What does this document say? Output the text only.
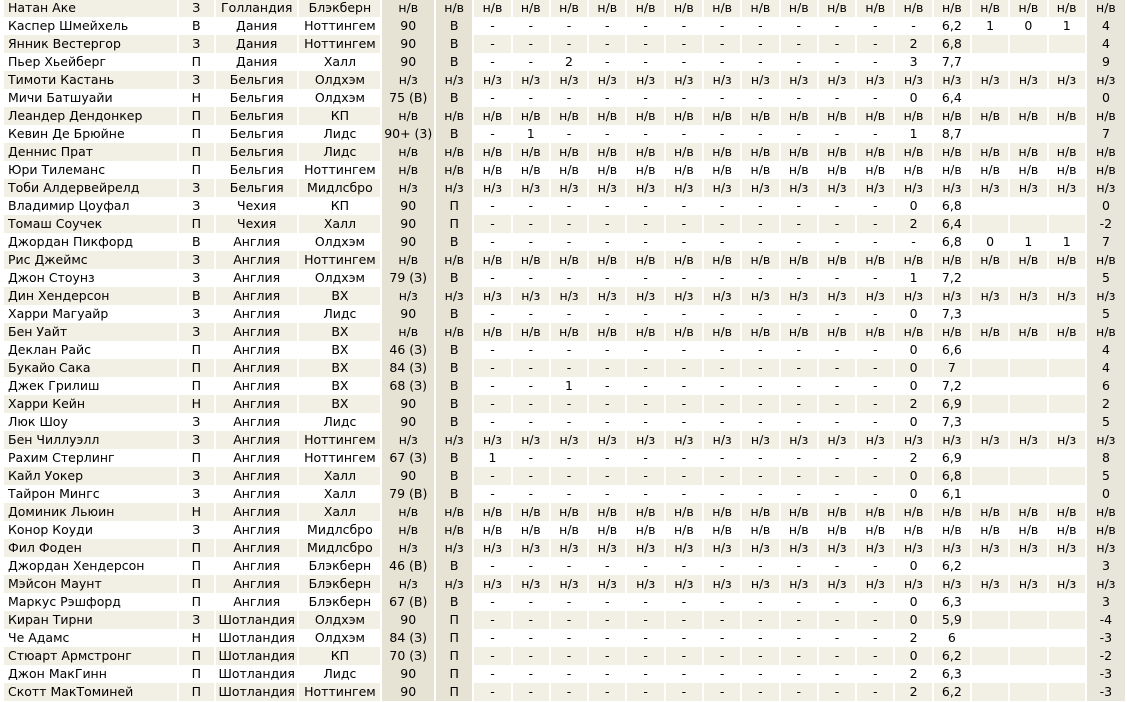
Натан Аке	З	Голландия	Блэкберн	н/в	н/в	н/в	н/в	н/в	н/в	н/в	н/в	н/в	н/в	н/в	н/в	н/в	н/в	н/в	н/в	н/в	н/в	н/в
Каспер Шмейхель	В	Дания	Ноттингем	90	В	-	-	-	-	-	-	-	-	-	-	-	-	6,2	1	0	1	4
Янник Вестергор	З	Дания	Ноттингем	90	В	-	-	-	-	-	-	-	-	-	-	-	2	6,8				4
Пьер Хьейберг	П	Дания	Халл	90	В	-	-	2	-	-	-	-	-	-	-	-	3	7,7				9
Тимоти Кастань	З	Бельгия	Олдхэм	н/з	н/з	н/з	н/з	н/з	н/з	н/з	н/з	н/з	н/з	н/з	н/з	н/з	н/з	н/з	н/з	н/з	н/з	н/з
Мичи Батшуайи	Н	Бельгия	Олдхэм	75 (В)	В	-	-	-	-	-	-	-	-	-	-	-	0	6,4				0
Леандер Дендонкер	П	Бельгия	КП	н/в	н/в	н/в	н/в	н/в	н/в	н/в	н/в	н/в	н/в	н/в	н/в	н/в	н/в	н/в	н/в	н/в	н/в	н/в
Кевин Де Брюйне	П	Бельгия	Лидс	90+ (3)	В	-	1	-	-	-	-	-	-	-	-	-	1	8,7				7
Деннис Прат	П	Бельгия	Лидс	н/в	н/в	н/в	н/в	н/в	н/в	н/в	н/в	н/в	н/в	н/в	н/в	н/в	н/в	н/в	н/в	н/в	н/в	н/в
Юри Тилеманс	П	Бельгия	Ноттингем	н/в	н/в	н/в	н/в	н/в	н/в	н/в	н/в	н/в	н/в	н/в	н/в	н/в	н/в	н/в	н/в	н/в	н/в	н/в
Тоби Алдервейрелд	З	Бельгия	Мидлсбро	н/з	н/з	н/з	н/з	н/з	н/з	н/з	н/з	н/з	н/з	н/з	н/з	н/з	н/з	н/з	н/з	н/з	н/з	н/з
Владимир Цоуфал	З	Чехия	КП	90	П	-	-	-	-	-	-	-	-	-	-	-	0	6,8				0
Томаш Соучек	П	Чехия	Халл	90	П	-	-	-	-	-	-	-	-	-	-	-	2	6,4				-2
Джордан Пикфорд	В	Англия	Олдхэм	90	В	-	-	-	-	-	-	-	-	-	-	-	-	6,8	0	1	1	7
Рис Джеймс	З	Англия	Ноттингем	н/в	н/в	н/в	н/в	н/в	н/в	н/в	н/в	н/в	н/в	н/в	н/в	н/в	н/в	н/в	н/в	н/в	н/в	н/в
Джон Стоунз	З	Англия	Олдхэм	79 (З)	В	-	-	-	-	-	-	-	-	-	-	-	1	7,2				5
Дин Хендерсон	В	Англия	ВХ	н/з	н/з	н/з	н/з	н/з	н/з	н/з	н/з	н/з	н/з	н/з	н/з	н/з	н/з	н/з	н/з	н/з	н/з	н/з
Харри Магуайр	З	Англия	Лидс	90	В	-	-	-	-	-	-	-	-	-	-	-	0	7,3				5
Бен Уайт	З	Англия	ВХ	н/в	н/в	н/в	н/в	н/в	н/в	н/в	н/в	н/в	н/в	н/в	н/в	н/в	н/в	н/в	н/в	н/в	н/в	н/в
Деклан Райс	П	Англия	ВХ	46 (З)	В	-	-	-	-	-	-	-	-	-	-	-	0	6,6				4
Букайо Сака	П	Англия	ВХ	84 (З)	В	-	-	-	-	-	-	-	-	-	-	-	0	7				4
Джек Грилиш	П	Англия	ВХ	68 (З)	В	-	-	1	-	-	-	-	-	-	-	-	0	7,2				6
Харри Кейн	Н	Англия	ВХ	90	В	-	-	-	-	-	-	-	-	-	-	-	2	6,9				2
Люк Шоу	З	Англия	Лидс	90	В	-	-	-	-	-	-	-	-	-	-	-	0	7,3				5
Бен Чиллуэлл	З	Англия	Ноттингем	н/з	н/з	н/з	н/з	н/з	н/з	н/з	н/з	н/з	н/з	н/з	н/з	н/з	н/з	н/з	н/з	н/з	н/з	н/з
Рахим Стерлинг	П	Англия	Ноттингем	67 (З)	В	1	-	-	-	-	-	-	-	-	-	-	2	6,9				8
Кайл Уокер	З	Англия	Халл	90	В	-	-	-	-	-	-	-	-	-	-	-	0	6,8				5
Тайрон Мингс	З	Англия	Халл	79 (В)	В	-	-	-	-	-	-	-	-	-	-	-	0	6,1				0
Доминик Льюин	Н	Англия	Халл	н/в	н/в	н/в	н/в	н/в	н/в	н/в	н/в	н/в	н/в	н/в	н/в	н/в	н/в	н/в	н/в	н/в	н/в	н/в
Конор Коуди	З	Англия	Мидлсбро	н/в	н/в	н/в	н/в	н/в	н/в	н/в	н/в	н/в	н/в	н/в	н/в	н/в	н/в	н/в	н/в	н/в	н/в	н/в
Фил Фоден	П	Англия	Мидлсбро	н/з	н/з	н/з	н/з	н/з	н/з	н/з	н/з	н/з	н/з	н/з	н/з	н/з	н/з	н/з	н/з	н/з	н/з	н/з
Джордан Хендерсон	П	Англия	Блэкберн	46 (В)	В	-	-	-	-	-	-	-	-	-	-	-	0	6,2				3
Мэйсон Маунт	П	Англия	Блэкберн	н/з	н/з	н/з	н/з	н/з	н/з	н/з	н/з	н/з	н/з	н/з	н/з	н/з	н/з	н/з	н/з	н/з	н/з	н/з
Маркус Рэшфорд	П	Англия	Блэкберн	67 (В)	В	-	-	-	-	-	-	-	-	-	-	-	0	6,3				3
Киран Тирни	З	Шотландия	Олдхэм	90	П	-	-	-	-	-	-	-	-	-	-	-	0	5,9				-4
Че Адамс	Н	Шотландия	Олдхэм	84 (З)	П	-	-	-	-	-	-	-	-	-	-	-	2	6				-3
Стюарт Армстронг	П	Шотландия	КП	70 (З)	П	-	-	-	-	-	-	-	-	-	-	-	0	6,2				-2
Джон МакГинн	П	Шотландия	Лидс	90	П	-	-	-	-	-	-	-	-	-	-	-	2	6,3				-3
Скотт МакТоминей	П	Шотландия	Ноттингем	90	П	-	-	-	-	-	-	-	-	-	-	-	2	6,2				-3
